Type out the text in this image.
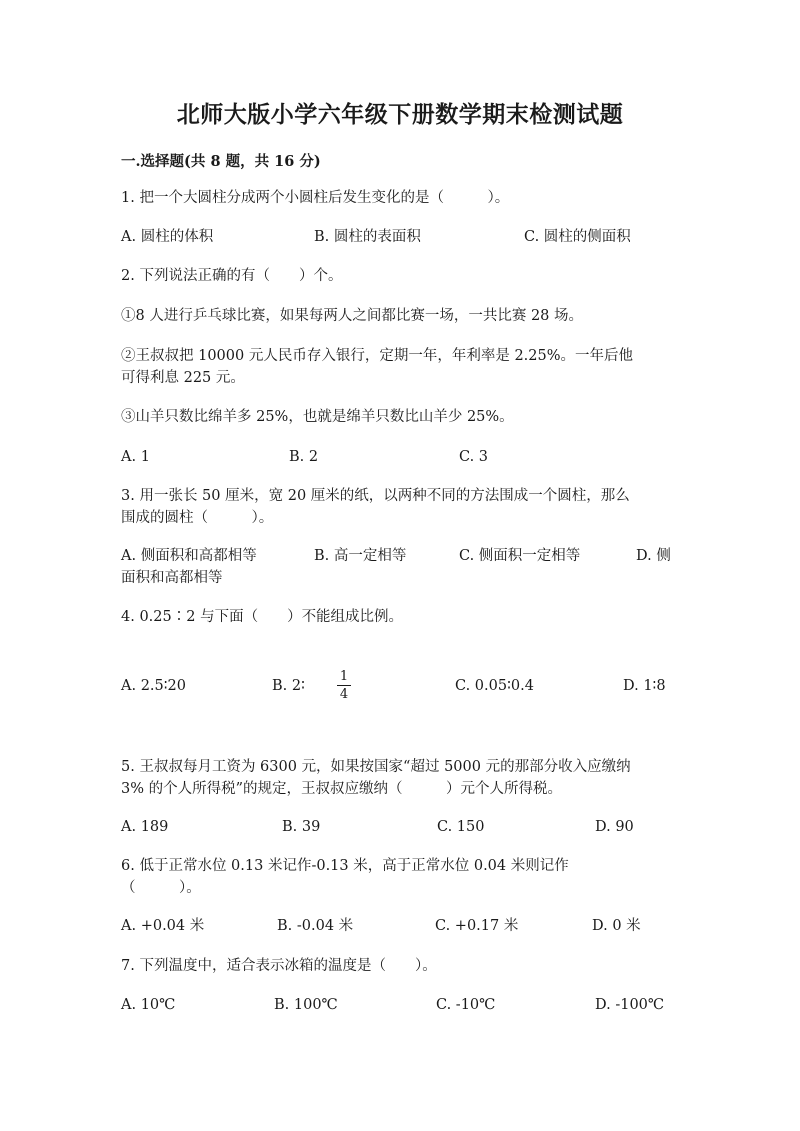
北师大版小学六年级下册数学期末检测试题
一.选择题(共 8 题，共 16 分)
1. 把一个大圆柱分成两个小圆柱后发生变化的是（　　　）。
A. 圆柱的体积	B. 圆柱的表面积	C. 圆柱的侧面积
2. 下列说法正确的有（　　）个。
①8 人进行乒乓球比赛，如果每两人之间都比赛一场，一共比赛 28 场。
②王叔叔把 10000 元人民币存入银行，定期一年，年利率是 2.25%。一年后他
可得利息 225 元。
③山羊只数比绵羊多 25%，也就是绵羊只数比山羊少 25%。
A. 1	B. 2	C. 3
3. 用一张长 50 厘米，宽 20 厘米的纸，以两种不同的方法围成一个圆柱，那么
围成的圆柱（　　　）。
A. 侧面积和高都相等	B. 高一定相等	C. 侧面积一定相等	D. 侧
面积和高都相等
4. 0.25∶2 与下面（　　）不能组成比例。
A. 2.5∶20	B. 2∶
1
4
C. 0.05∶0.4	D. 1∶8
5. 王叔叔每月工资为 6300 元，如果按国家“超过 5000 元的那部分收入应缴纳
3% 的个人所得税”的规定，王叔叔应缴纳（　　　）元个人所得税。
A. 189	B. 39	C. 150	D. 90
6. 低于正常水位 0.13 米记作-0.13 米，高于正常水位 0.04 米则记作
（　　　）。
A. +0.04 米	B. -0.04 米	C. +0.17 米	D. 0 米
7. 下列温度中，适合表示冰箱的温度是（　　）。
A. 10℃	B. 100℃	C. -10℃	D. -100℃
